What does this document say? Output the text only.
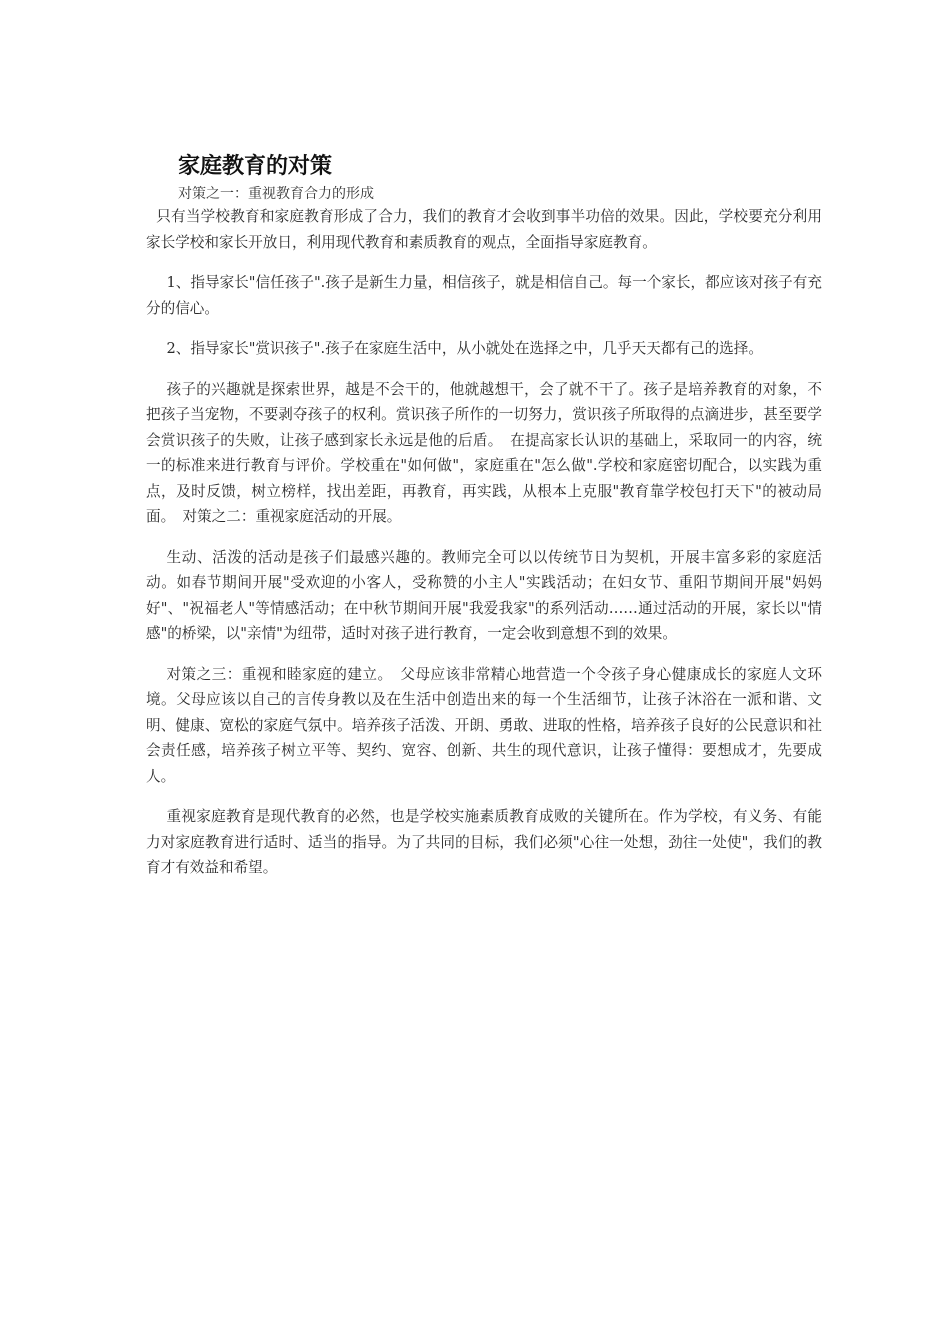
家庭教育的对策
对策之一：重视教育合力的形成

只有当学校教育和家庭教育形成了合力，我们的教育才会收到事半功倍的效果。因此，学校要充分利用家长学校和家长开放日，利用现代教育和素质教育的观点，全面指导家庭教育。

1、指导家长"信任孩子".孩子是新生力量，相信孩子，就是相信自己。每一个家长，都应该对孩子有充分的信心。

2、指导家长"赏识孩子".孩子在家庭生活中，从小就处在选择之中，几乎天天都有己的选择。

孩子的兴趣就是探索世界，越是不会干的，他就越想干，会了就不干了。孩子是培养教育的对象，不把孩子当宠物，不要剥夺孩子的权利。赏识孩子所作的一切努力，赏识孩子所取得的点滴进步，甚至要学会赏识孩子的失败，让孩子感到家长永远是他的后盾。　在提高家长认识的基础上，采取同一的内容，统一的标准来进行教育与评价。学校重在"如何做"，家庭重在"怎么做".学校和家庭密切配合，以实践为重点，及时反馈，树立榜样，找出差距，再教育，再实践，从根本上克服"教育靠学校包打天下"的被动局面。　对策之二：重视家庭活动的开展。

生动、活泼的活动是孩子们最感兴趣的。教师完全可以以传统节日为契机，开展丰富多彩的家庭活动。如春节期间开展"受欢迎的小客人，受称赞的小主人"实践活动；在妇女节、重阳节期间开展"妈妈好"、"祝福老人"等情感活动；在中秋节期间开展"我爱我家"的系列活动……通过活动的开展，家长以"情感"的桥梁，以"亲情"为纽带，适时对孩子进行教育，一定会收到意想不到的效果。

对策之三：重视和睦家庭的建立。　父母应该非常精心地营造一个令孩子身心健康成长的家庭人文环境。父母应该以自己的言传身教以及在生活中创造出来的每一个生活细节，让孩子沐浴在一派和谐、文明、健康、宽松的家庭气氛中。培养孩子活泼、开朗、勇敢、进取的性格，培养孩子良好的公民意识和社会责任感，培养孩子树立平等、契约、宽容、创新、共生的现代意识，让孩子懂得：要想成才，先要成人。

重视家庭教育是现代教育的必然，也是学校实施素质教育成败的关键所在。作为学校，有义务、有能力对家庭教育进行适时、适当的指导。为了共同的目标，我们必须"心往一处想，劲往一处使"，我们的教育才有效益和希望。
